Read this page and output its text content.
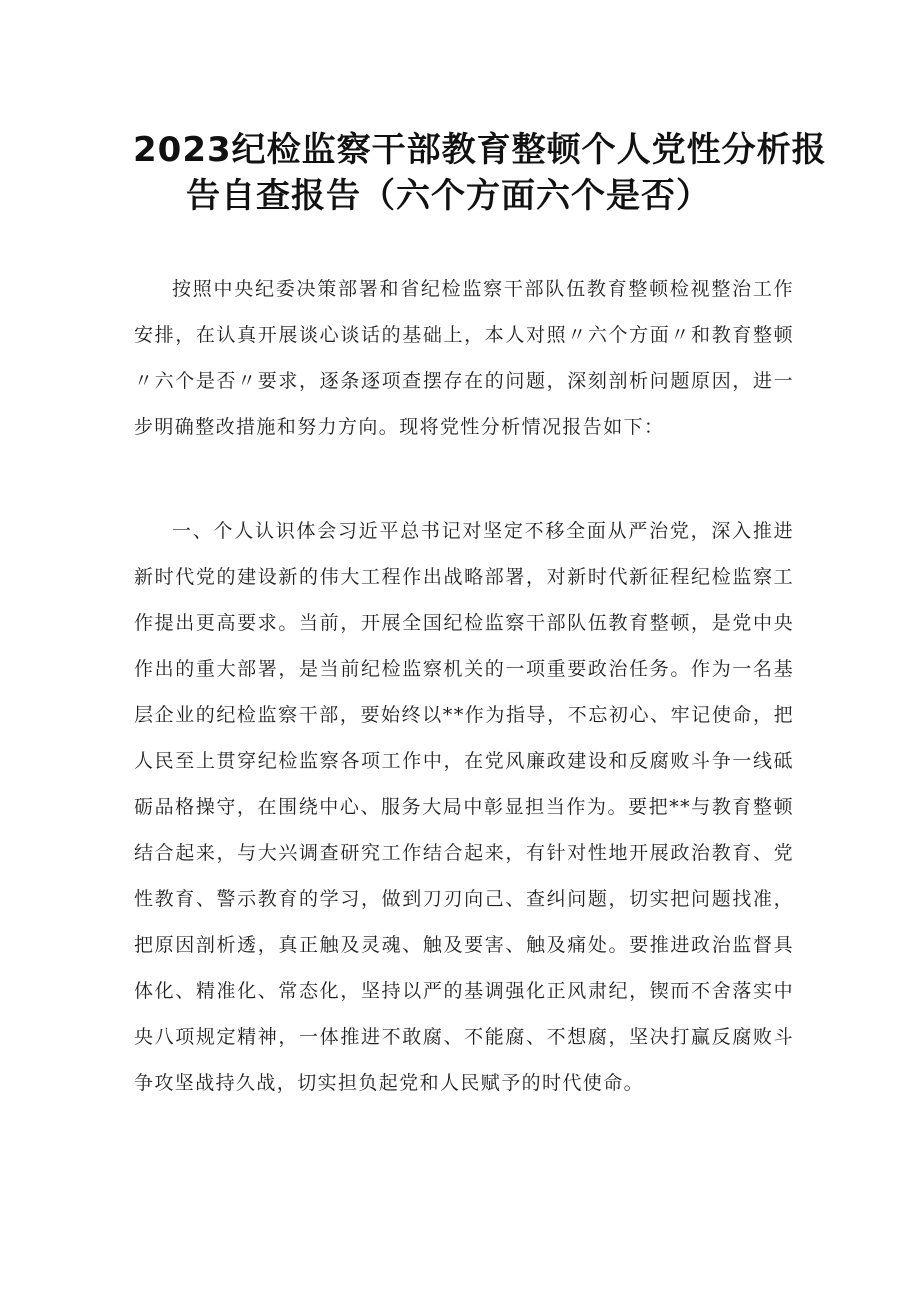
2023纪检监察干部教育整顿个人党性分析报
告自查报告（六个方面六个是否）

按照中央纪委决策部署和省纪检监察干部队伍教育整顿检视整治工作安排，在认真开展谈心谈话的基础上，本人对照〃六个方面〃和教育整顿〃六个是否〃要求，逐条逐项查摆存在的问题，深刻剖析问题原因，进一步明确整改措施和努力方向。现将党性分析情况报告如下：

一、个人认识体会习近平总书记对坚定不移全面从严治党，深入推进新时代党的建设新的伟大工程作出战略部署，对新时代新征程纪检监察工作提出更高要求。当前，开展全国纪检监察干部队伍教育整顿，是党中央作出的重大部署，是当前纪检监察机关的一项重要政治任务。作为一名基层企业的纪检监察干部，要始终以**作为指导，不忘初心、牢记使命，把人民至上贯穿纪检监察各项工作中，在党风廉政建设和反腐败斗争一线砥砺品格操守，在围绕中心、服务大局中彰显担当作为。要把**与教育整顿结合起来，与大兴调查研究工作结合起来，有针对性地开展政治教育、党性教育、警示教育的学习，做到刀刃向己、查纠问题，切实把问题找准，把原因剖析透，真正触及灵魂、触及要害、触及痛处。要推进政治监督具体化、精准化、常态化，坚持以严的基调强化正风肃纪，锲而不舍落实中央八项规定精神，一体推进不敢腐、不能腐、不想腐，坚决打赢反腐败斗争攻坚战持久战，切实担负起党和人民赋予的时代使命。
